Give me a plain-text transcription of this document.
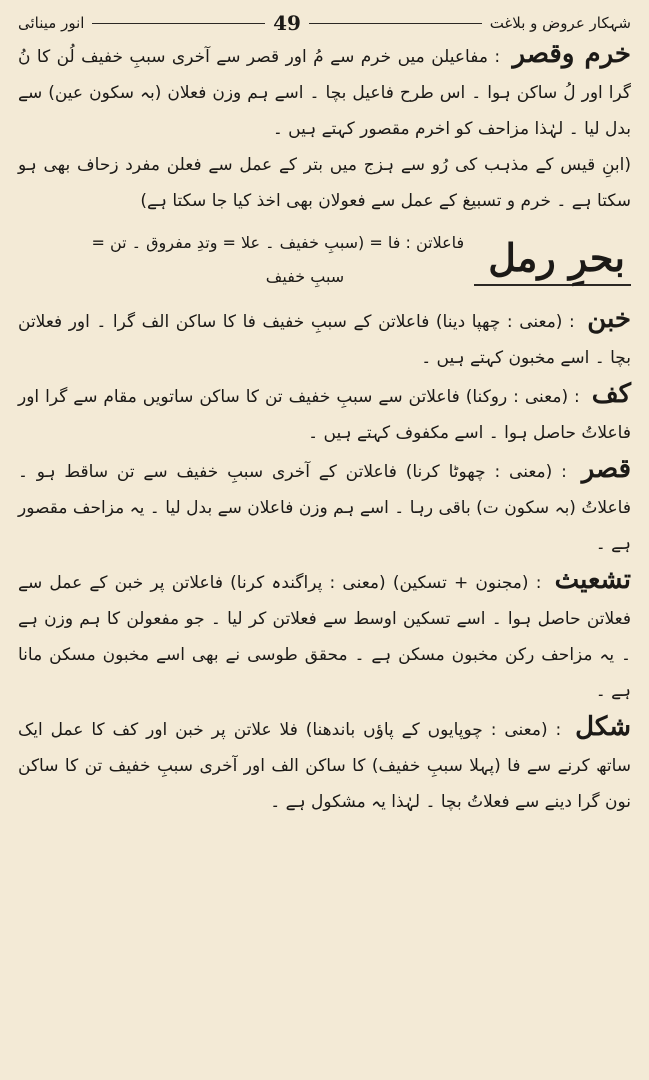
شہکار عروض و بلاغت
49
انور مینائی

خرم وقصر : مفاعیلن میں خرم سے مُ اور قصر سے آخری سببِ خفیف لُن کا نُ گرا اور لُ ساکن ہوا ۔ اس طرح فاعیل بچا ۔ اسے ہم وزن فعلان (بہ سکون عین) سے بدل لیا ۔ لہٰذا مزاحف کو اخرم مقصور کہتے ہیں ۔

(ابنِ قیس کے مذہب کی رُو سے ہزج میں بتر کے عمل سے فعلن مفرد زحاف بھی ہو سکتا ہے ۔ خرم و تسبیغ کے عمل سے فعولان بھی اخذ کیا جا سکتا ہے)

بحرِ رمل
فاعلاتن : فا = (سببِ خفیف ۔ علا = وتدِ مفروق ۔ تن =
سببِ خفیف

خبن : (معنی : چھپا دینا) فاعلاتن کے سببِ خفیف فا کا ساکن الف گرا ۔ اور فعلاتن بچا ۔ اسے مخبون کہتے ہیں ۔

کف : (معنی : روکنا) فاعلاتن سے سببِ خفیف تن کا ساکن ساتویں مقام سے گرا اور فاعلاتُ حاصل ہوا ۔ اسے مکفوف کہتے ہیں ۔

قصر : (معنی : چھوٹا کرنا) فاعلاتن کے آخری سببِ خفیف سے تن ساقط ہو ۔ فاعلاتُ (بہ سکون ت) باقی رہا ۔ اسے ہم وزن فاعلان سے بدل لیا ۔ یہ مزاحف مقصور ہے ۔

تشعیث : (مجنون + تسکین) (معنی : پراگندہ کرنا) فاعلاتن پر خبن کے عمل سے فعلاتن حاصل ہوا ۔ اسے تسکین اوسط سے فعلاتن کر لیا ۔ جو مفعولن کا ہم وزن ہے ۔ یہ مزاحف رکن مخبون مسکن ہے ۔ محقق طوسی نے بھی اسے مخبون مسکن مانا ہے ۔

شکل : (معنی : چوپایوں کے پاؤں باندھنا) فلا علاتن پر خبن اور کف کا عمل ایک ساتھ کرنے سے فا (پہلا سببِ خفیف) کا ساکن الف اور آخری سببِ خفیف تن کا ساکن نون گرا دینے سے فعلاتُ بچا ۔ لہٰذا یہ مشکول ہے ۔
